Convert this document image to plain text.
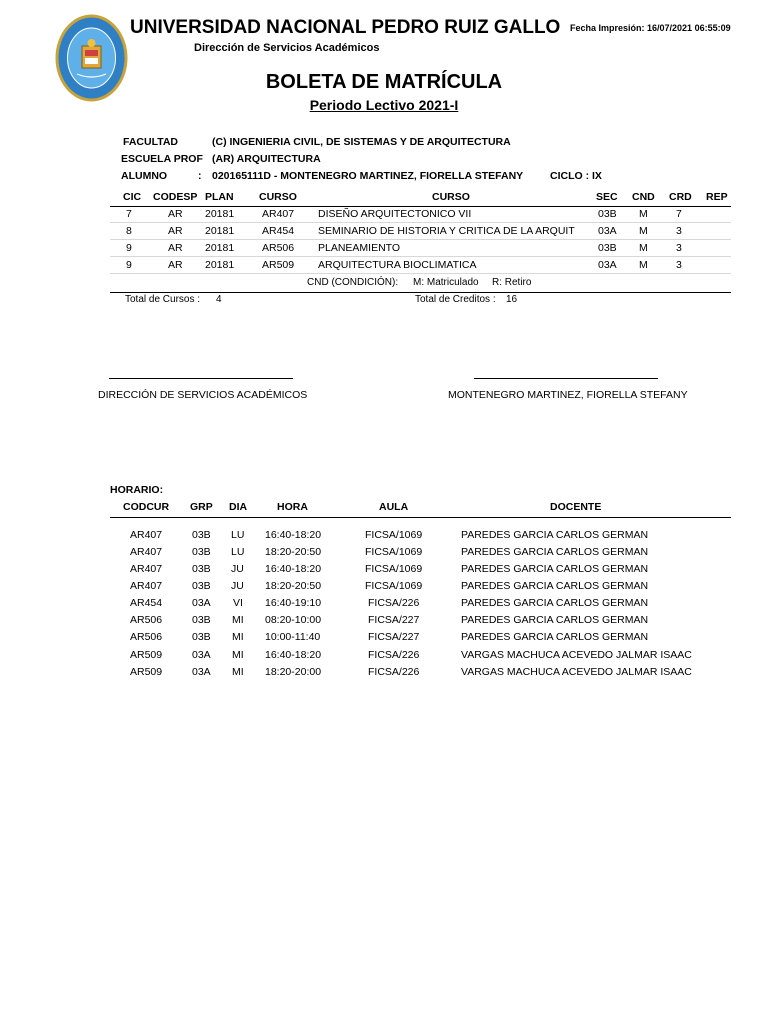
UNIVERSIDAD NACIONAL PEDRO RUIZ GALLO Fecha Impresión: 16/07/2021 06:55:09
Dirección de Servicios Académicos
BOLETA DE MATRÍCULA
Periodo Lectivo 2021-I
FACULTAD	(C) INGENIERIA CIVIL, DE SISTEMAS Y DE ARQUITECTURA
ESCUELA PROF (AR) ARQUITECTURA
ALUMNO	: 020165111D - MONTENEGRO MARTINEZ, FIORELLA STEFANY	CICLO : IX
CIC CODESP PLAN CURSO	CURSO	SEC CND CRD REP
7	AR 20181	AR407 DISEÑO ARQUITECTONICO VII	03B M	7
8	AR 20181	AR454 SEMINARIO DE HISTORIA Y CRITICA DE LA ARQUIT 03A M	3
9	AR 20181	AR506 PLANEAMIENTO	03B M	3
9	AR 20181	AR509 ARQUITECTURA BIOCLIMATICA	03A M	3
CND (CONDICIÓN): M: Matriculado R: Retiro
Total de Cursos : 4	Total de Creditos : 16
DIRECCIÓN DE SERVICIOS ACADÉMICOS	MONTENEGRO MARTINEZ, FIORELLA STEFANY
HORARIO:
CODCUR GRP DIA	HORA	AULA	DOCENTE
AR407	03B LU 16:40-18:20	FICSA/1069	PAREDES GARCIA CARLOS GERMAN
AR407	03B LU 18:20-20:50	FICSA/1069	PAREDES GARCIA CARLOS GERMAN
AR407	03B JU 16:40-18:20	FICSA/1069	PAREDES GARCIA CARLOS GERMAN
AR407	03B JU 18:20-20:50	FICSA/1069	PAREDES GARCIA CARLOS GERMAN
AR454	03A VI 16:40-19:10	FICSA/226	PAREDES GARCIA CARLOS GERMAN
AR506	03B MI 08:20-10:00	FICSA/227	PAREDES GARCIA CARLOS GERMAN
AR506	03B MI 10:00-11:40	FICSA/227	PAREDES GARCIA CARLOS GERMAN
AR509	03A MI 16:40-18:20	FICSA/226	VARGAS MACHUCA ACEVEDO JALMAR ISAAC
AR509	03A MI 18:20-20:00	FICSA/226	VARGAS MACHUCA ACEVEDO JALMAR ISAAC
